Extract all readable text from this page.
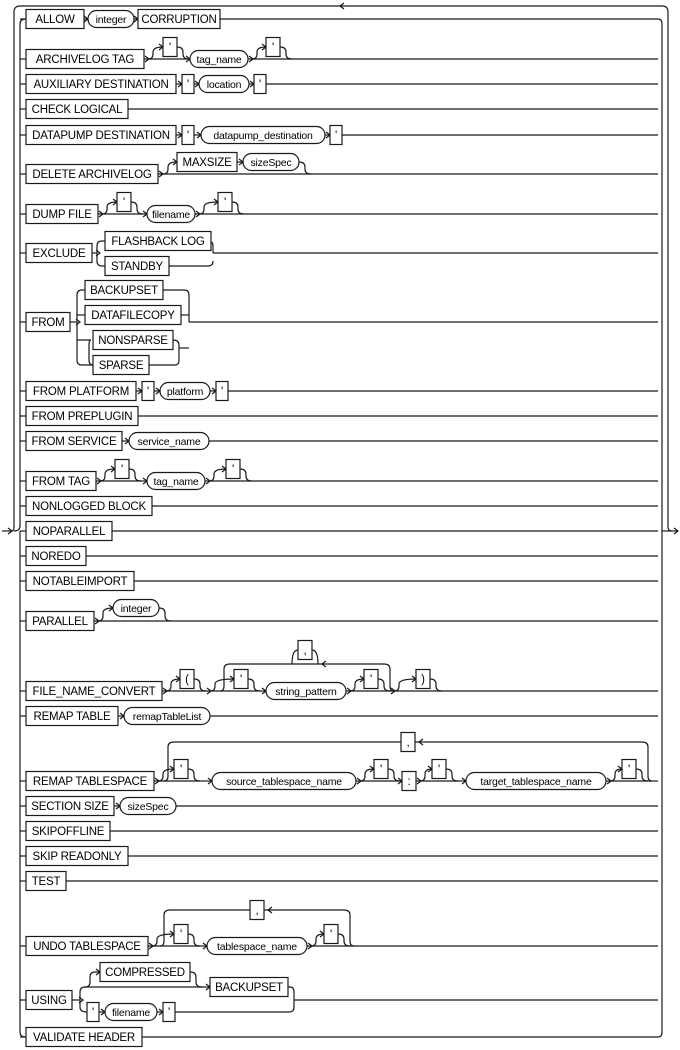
ALLOW integer CORRUPTION
ARCHIVELOG TAG
'
tag_name
'
AUXILIARY DESTINATION ' location '
CHECK LOGICAL
DATAPUMP DESTINATION ' datapump_destination '
DELETE ARCHIVELOG
MAXSIZE sizeSpec
DUMP FILE
'
filename
'
FLASHBACK LOG
STANDBY
EXCLUDE
BACKUPSET
DATAFILECOPY
NONSPARSE
SPARSE
FROM
FROM PLATFORM ' platform '
FROM PREPLUGIN
FROM SERVICE service_name
FROM TAG
'
tag_name
'
NONLOGGED BLOCK
NOPARALLEL
NOREDO
NOTABLEIMPORT
PARALLEL
integer
FILE_NAME_CONVERT
(	'
string_pattern
'	)
,
REMAP TABLE remapTableList
REMAP TABLESPACE
'
source_tablespace_name
'
:
'
target_tablespace_name
'
,
SECTION SIZE sizeSpec
SKIPOFFLINE
SKIP READONLY
TEST
UNDO TABLESPACE
'
tablespace_name
'
,
USING
COMPRESSED
BACKUPSET
' filename '
VALIDATE HEADER
